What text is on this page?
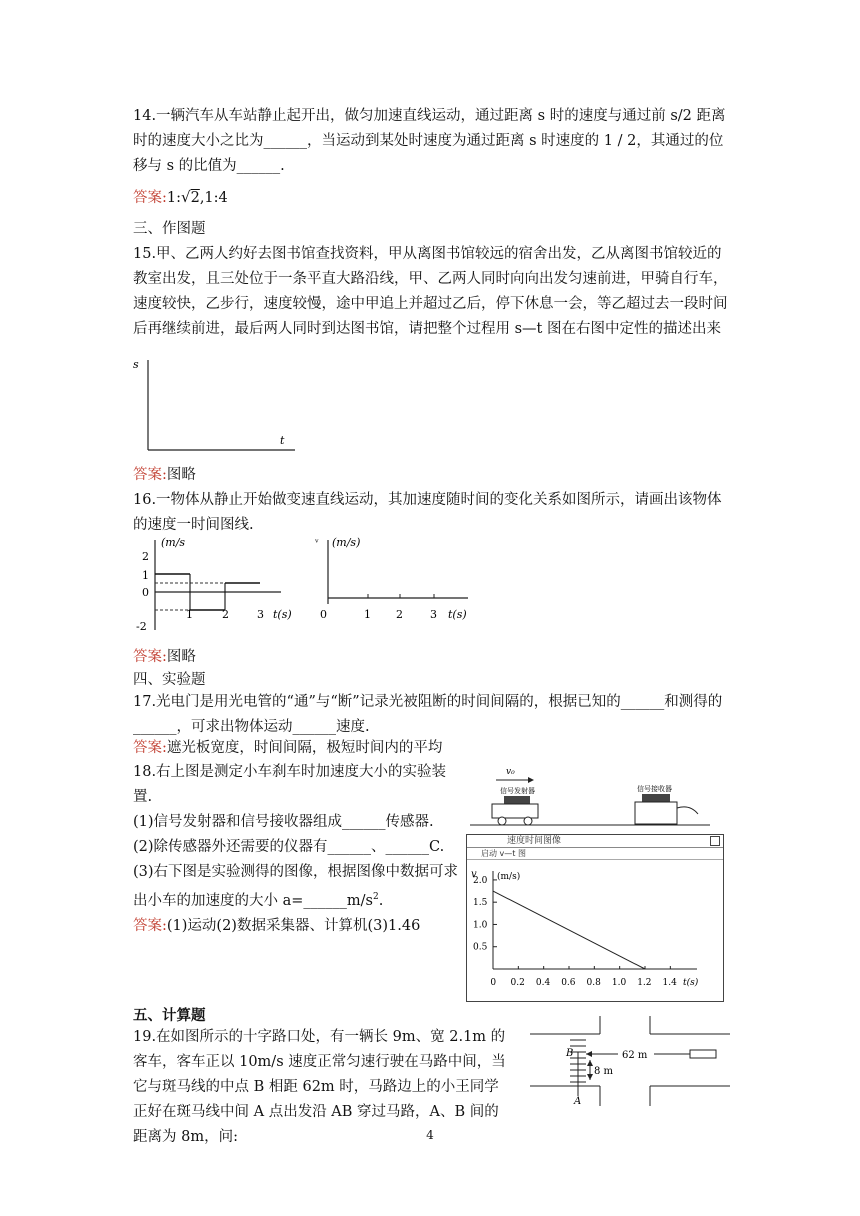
14.一辆汽车从车站静止起开出，做匀加速直线运动，通过距离 s 时的速度与通过前 s/2 距离时的速度大小之比为______，当运动到某处时速度为通过距离 s 时速度的 1 / 2，其通过的位移与 s 的比值为______.
答案:1:√2,1:4
三、作图题
15.甲、乙两人约好去图书馆查找资料，甲从离图书馆较远的宿舍出发，乙从离图书馆较近的教室出发，且三处位于一条平直大路沿线，甲、乙两人同时向向出发匀速前进，甲骑自行车，速度较快，乙步行，速度较慢，途中甲追上并超过乙后，停下休息一会，等乙超过去一段时间后再继续前进，最后两人同时到达图书馆，请把整个过程用 s—t 图在右图中定性的描述出来
s
t
答案:图略
16.一物体从静止开始做变速直线运动，其加速度随时间的变化关系如图所示，请画出该物体的速度一时间图线.
(m/s
2
1
0
-2
1	2	3 t(s)
ᵛ (m/s)
0	1 2 3 t(s)
答案:图略
四、实验题
17.光电门是用光电管的“通”与“断”记录光被阻断的时间间隔的，根据已知的______和测得的______，可求出物体运动______速度.
答案:遮光板宽度，时间间隔，极短时间内的平均
18.右上图是测定小车刹车时加速度大小的实验装置.
(1)信号发射器和信号接收器组成______传感器.
(2)除传感器外还需要的仪器有______、______C.
(3)右下图是实验测得的图像，根据图像中数据可求出小车的加速度的大小 $a=\_\_\_\_\_\_m/s^2$.
答案:(1)运动(2)数据采集器、计算机(3)1.46
v₀
信号发射器	信号接收器
速度时间图像
启动 v—t 图
v (m/s)
2.0
1.5
1.0
0.5
0 0.2 0.4 0.6 0.8 1.0 1.2 1.4 t(s)
五、计算题
19.在如图所示的十字路口处，有一辆长 9m、宽 2.1m 的客车，客车正以 10m/s 速度正常匀速行驶在马路中间，当它与斑马线的中点 B 相距 62m 时，马路边上的小王同学正好在斑马线中间 A 点出发沿 AB 穿过马路，A、B 间的距离为 8m，问:
B
A
62 m
8 m
4
